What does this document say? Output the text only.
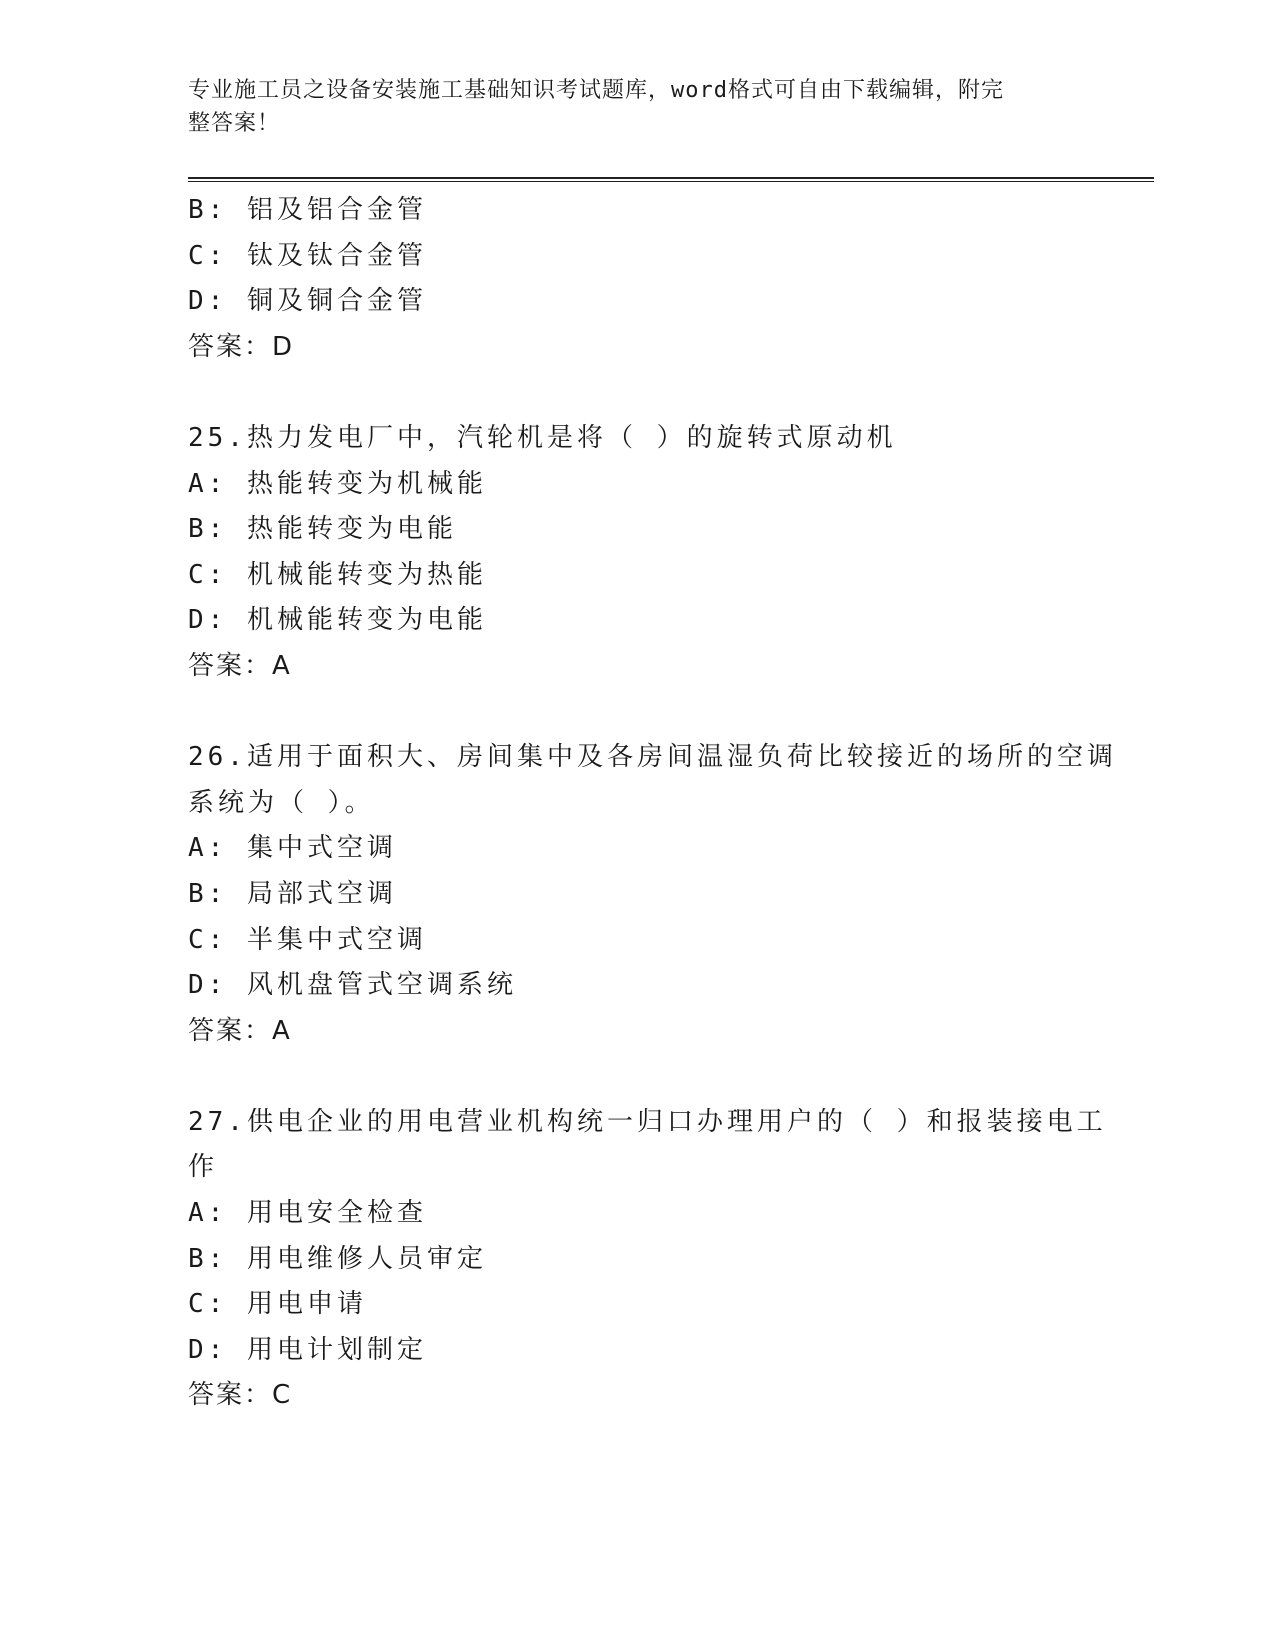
专业施工员之设备安装施工基础知识考试题库，word格式可自由下载编辑，附完
整答案！
B: 铝及铝合金管
C: 钛及钛合金管
D: 铜及铜合金管
答案：D
25.热力发电厂中，汽轮机是将（ ）的旋转式原动机
A: 热能转变为机械能
B: 热能转变为电能
C: 机械能转变为热能
D: 机械能转变为电能
答案：A
26.适用于面积大、房间集中及各房间温湿负荷比较接近的场所的空调
系统为（ ）。
A: 集中式空调
B: 局部式空调
C: 半集中式空调
D: 风机盘管式空调系统
答案：A
27.供电企业的用电营业机构统一归口办理用户的（ ）和报装接电工
作
A: 用电安全检查
B: 用电维修人员审定
C: 用电申请
D: 用电计划制定
答案：C
